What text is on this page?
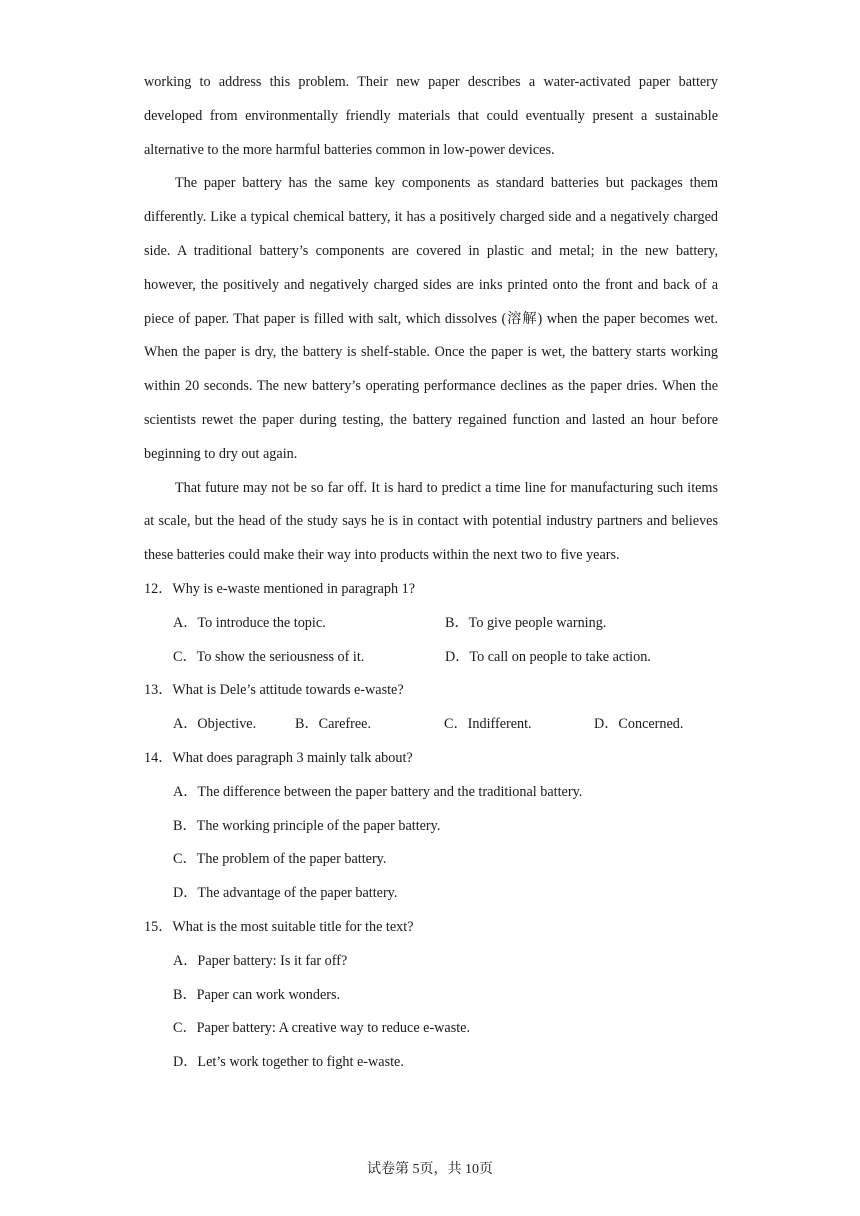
working to address this problem. Their new paper describes a water-activated paper battery developed from environmentally friendly materials that could eventually present a sustainable alternative to the more harmful batteries common in low-power devices.

The paper battery has the same key components as standard batteries but packages them differently. Like a typical chemical battery, it has a positively charged side and a negatively charged side. A traditional battery’s components are covered in plastic and metal; in the new battery, however, the positively and negatively charged sides are inks printed onto the front and back of a piece of paper. That paper is filled with salt, which dissolves (溶解) when the paper becomes wet. When the paper is dry, the battery is shelf-stable. Once the paper is wet, the battery starts working within 20 seconds. The new battery’s operating performance declines as the paper dries. When the scientists rewet the paper during testing, the battery regained function and lasted an hour before beginning to dry out again.

That future may not be so far off. It is hard to predict a time line for manufacturing such items at scale, but the head of the study says he is in contact with potential industry partners and believes these batteries could make their way into products within the next two to five years.

12．Why is e-waste mentioned in paragraph 1?

A．To introduce the topic.	B．To give people warning.
C．To show the seriousness of it.	D．To call on people to take action.

13．What is Dele’s attitude towards e-waste?

A．Objective.	B．Carefree.	C．Indifferent.	D．Concerned.

14．What does paragraph 3 mainly talk about?

A．The difference between the paper battery and the traditional battery.
B．The working principle of the paper battery.
C．The problem of the paper battery.
D．The advantage of the paper battery.

15．What is the most suitable title for the text?

A．Paper battery: Is it far off?
B．Paper can work wonders.
C．Paper battery: A creative way to reduce e-waste.
D．Let’s work together to fight e-waste.
试卷第 5页，共 10页
